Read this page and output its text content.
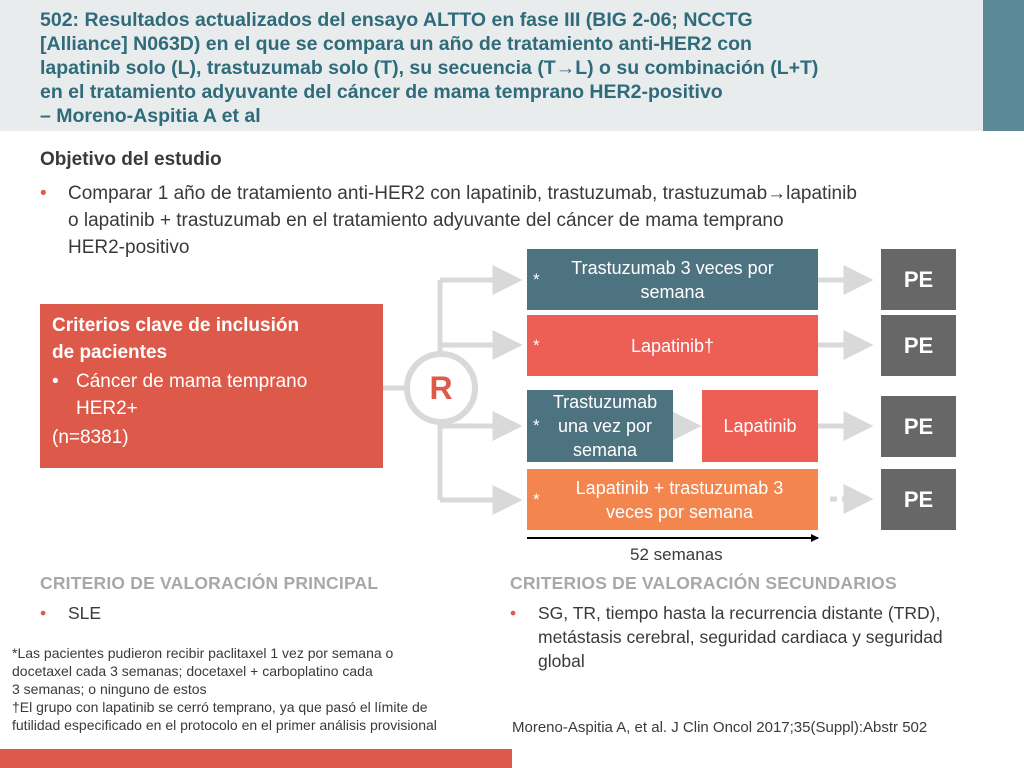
502: Resultados actualizados del ensayo ALTTO en fase III (BIG 2-06; NCCTG
[Alliance] N063D) en el que se compara un año de tratamiento anti-HER2 con
lapatinib solo (L), trastuzumab solo (T), su secuencia (T→L) o su combinación (L+T)
en el tratamiento adyuvante del cáncer de mama temprano HER2-positivo
– Moreno-Aspitia A et al
Objetivo del estudio
• Comparar 1 año de tratamiento anti-HER2 con lapatinib, trastuzumab, trastuzumab→lapatinib
o lapatinib + trastuzumab en el tratamiento adyuvante del cáncer de mama temprano
HER2-positivo
Criterios clave de inclusión
de pacientes
• Cáncer de mama temprano
HER2+
(n=8381)
R
*
Trastuzumab 3 veces por
semana
*	Lapatinib†
*
Trastuzumab
una vez por
semana
Lapatinib
*
Lapatinib + trastuzumab 3
veces por semana
PE
PE
PE
PE
52 semanas
CRITERIO DE VALORACIÓN PRINCIPAL
• SLE
CRITERIOS DE VALORACIÓN SECUNDARIOS
• SG, TR, tiempo hasta la recurrencia distante (TRD),
metástasis cerebral, seguridad cardiaca y seguridad
global
*Las pacientes pudieron recibir paclitaxel 1 vez por semana o
docetaxel cada 3 semanas; docetaxel + carboplatino cada
3 semanas; o ninguno de estos
†El grupo con lapatinib se cerró temprano, ya que pasó el límite de
futilidad especificado en el protocolo en el primer análisis provisional	Moreno-Aspitia A, et al. J Clin Oncol 2017;35(Suppl):Abstr 502
